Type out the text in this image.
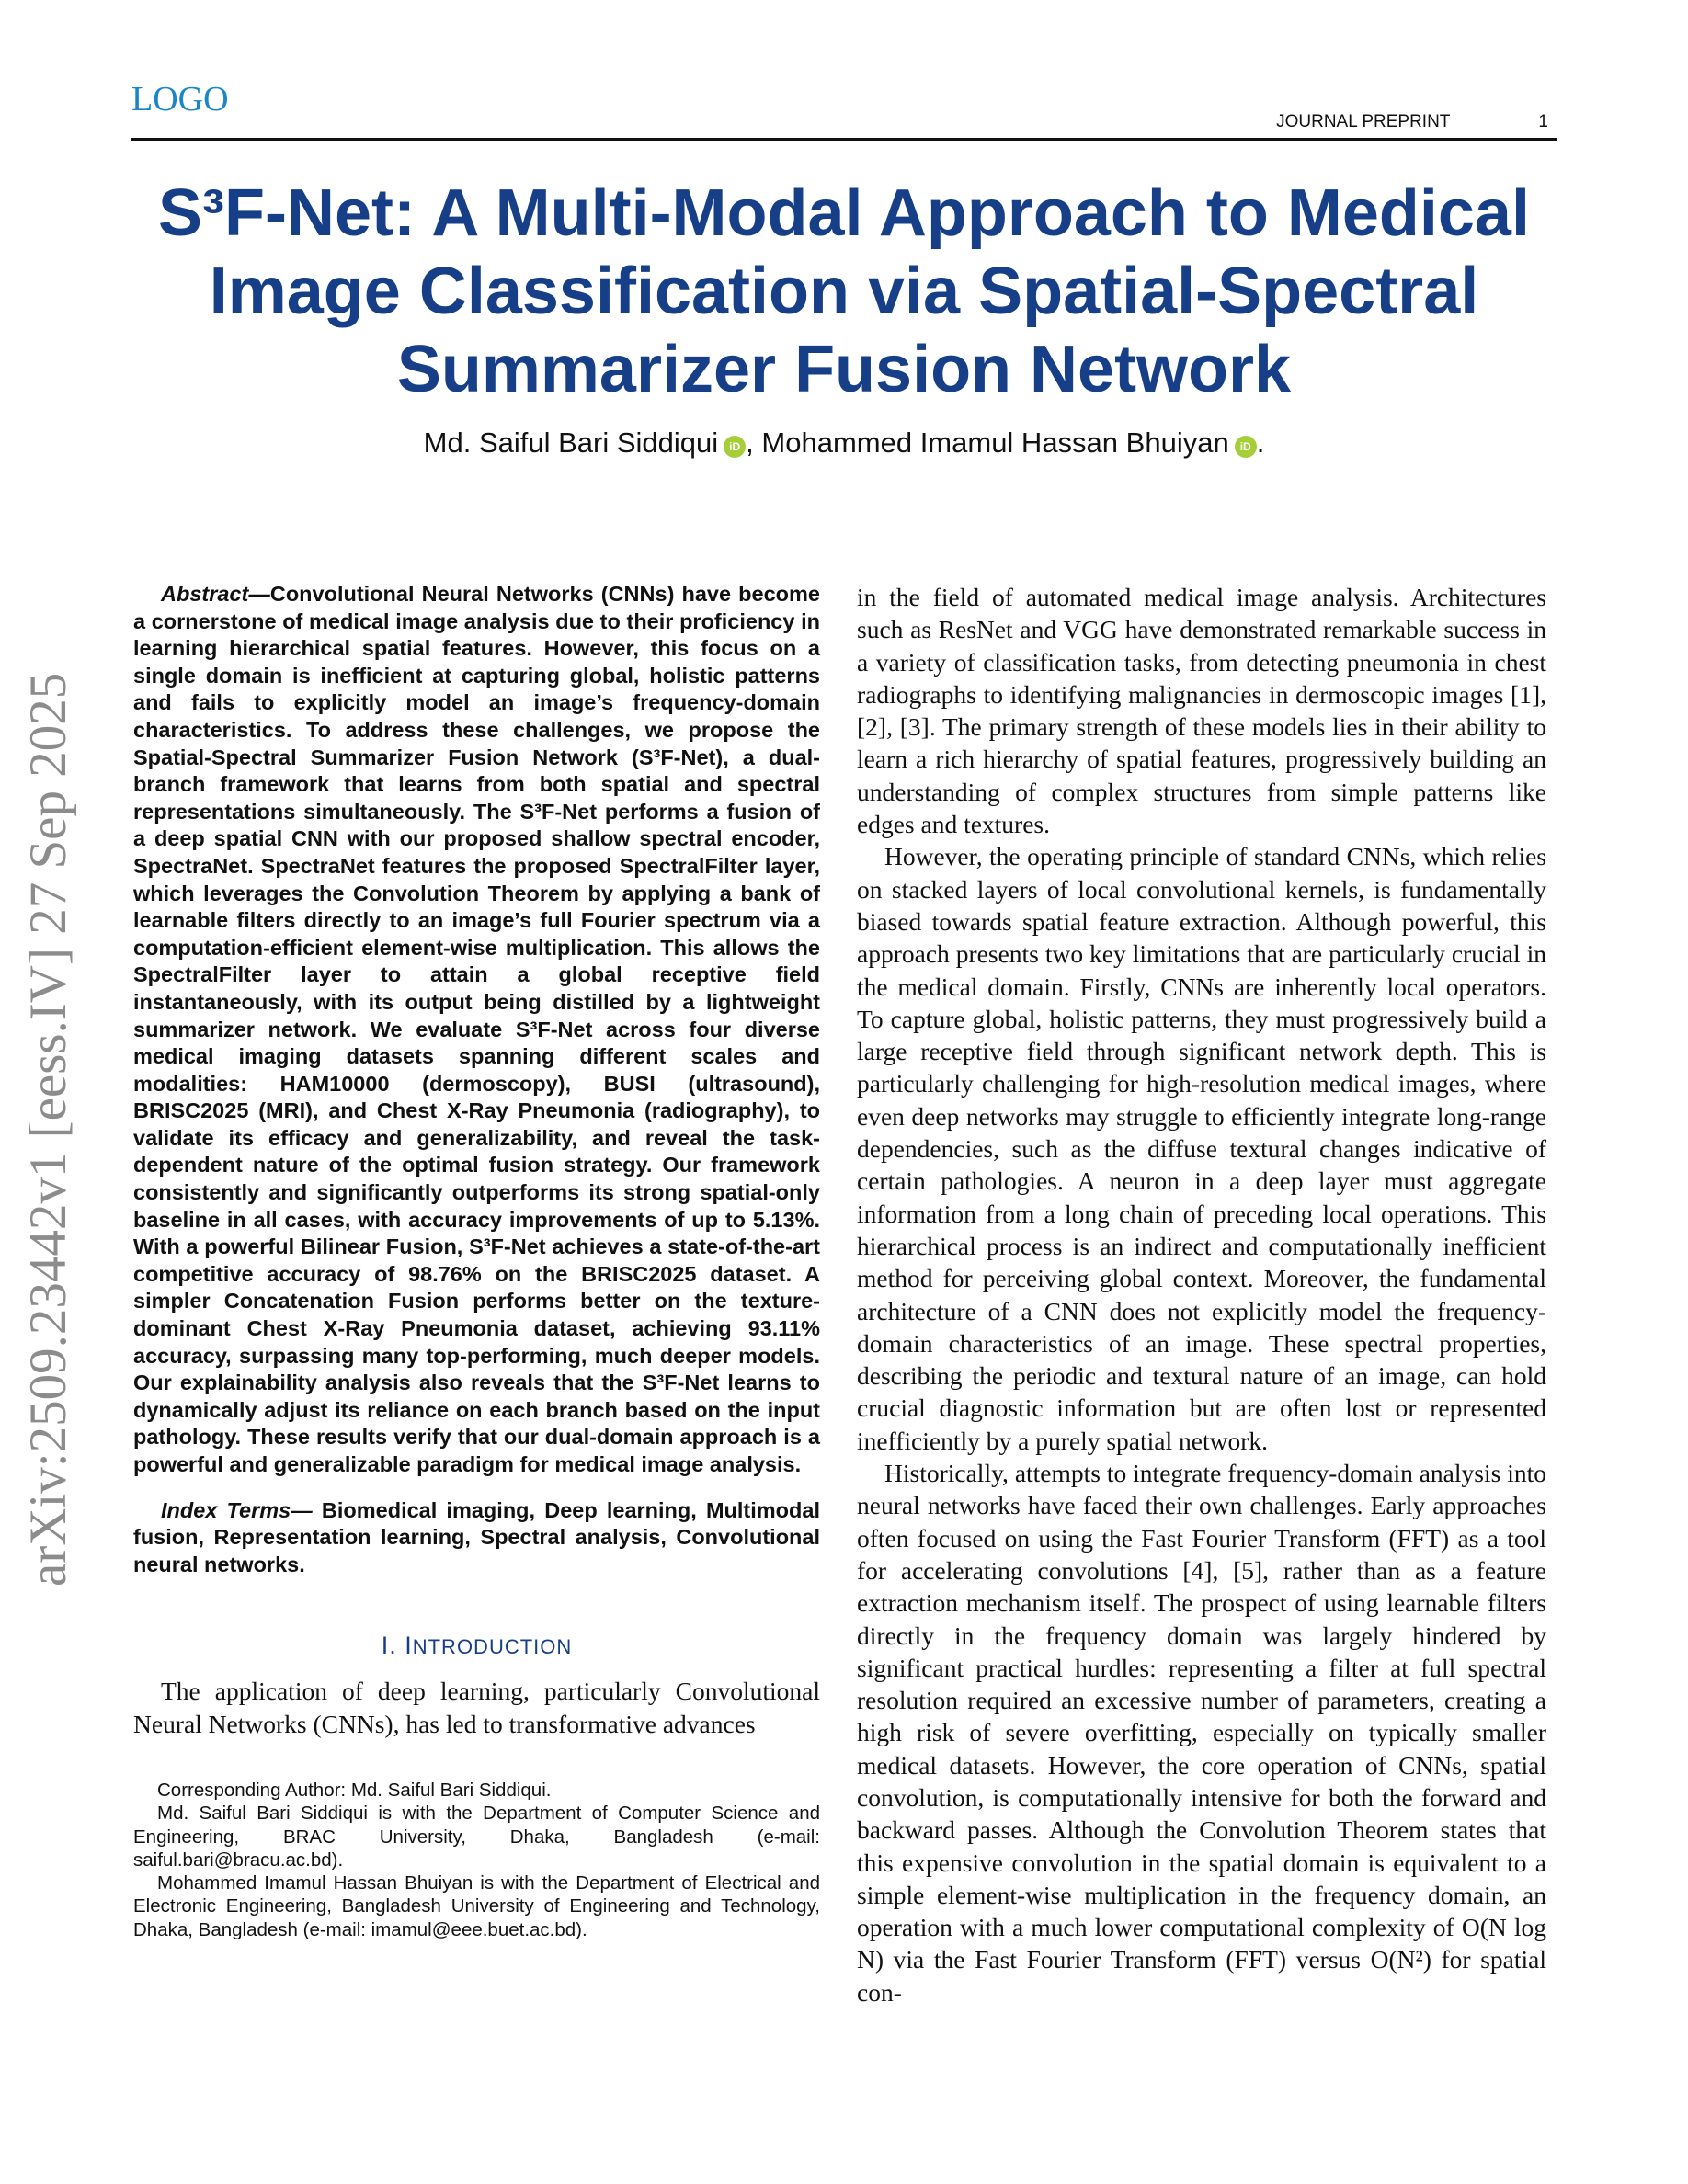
LOGO
JOURNAL PREPRINT	1
S³F-Net: A Multi-Modal Approach to Medical Image Classification via Spatial-Spectral Summarizer Fusion Network
Md. Saiful Bari Siddiqui iD , Mohammed Imamul Hassan Bhuiyan iD .
arXiv:2509.23442v1 [eess.IV] 27 Sep 2025

Abstract—Convolutional Neural Networks (CNNs) have become a cornerstone of medical image analysis due to their proficiency in learning hierarchical spatial features. However, this focus on a single domain is inefficient at capturing global, holistic patterns and fails to explicitly model an image’s frequency-domain characteristics. To address these challenges, we propose the Spatial-Spectral Summarizer Fusion Network (S³F-Net), a dual-branch framework that learns from both spatial and spectral representations simultaneously. The S³F-Net performs a fusion of a deep spatial CNN with our proposed shallow spectral encoder, SpectraNet. SpectraNet features the proposed SpectralFilter layer, which leverages the Convolution Theorem by applying a bank of learnable filters directly to an image’s full Fourier spectrum via a computation-efficient element-wise multiplication. This allows the SpectralFilter layer to attain a global receptive field instantaneously, with its output being distilled by a lightweight summarizer network. We evaluate S³F-Net across four diverse medical imaging datasets spanning different scales and modalities: HAM10000 (dermoscopy), BUSI (ultrasound), BRISC2025 (MRI), and Chest X-Ray Pneumonia (radiography), to validate its efficacy and generalizability, and reveal the task-dependent nature of the optimal fusion strategy. Our framework consistently and significantly outperforms its strong spatial-only baseline in all cases, with accuracy improvements of up to 5.13%. With a powerful Bilinear Fusion, S³F-Net achieves a state-of-the-art competitive accuracy of 98.76% on the BRISC2025 dataset. A simpler Concatenation Fusion performs better on the texture-dominant Chest X-Ray Pneumonia dataset, achieving 93.11% accuracy, surpassing many top-performing, much deeper models. Our explainability analysis also reveals that the S³F-Net learns to dynamically adjust its reliance on each branch based on the input pathology. These results verify that our dual-domain approach is a powerful and generalizable paradigm for medical image analysis.

Index Terms— Biomedical imaging, Deep learning, Multimodal fusion, Representation learning, Spectral analysis, Convolutional neural networks.

I. INTRODUCTION

The application of deep learning, particularly Convolutional Neural Networks (CNNs), has led to transformative advances

Corresponding Author: Md. Saiful Bari Siddiqui.

Md. Saiful Bari Siddiqui is with the Department of Computer Science and Engineering, BRAC University, Dhaka, Bangladesh (e-mail: saiful.bari@bracu.ac.bd).

Mohammed Imamul Hassan Bhuiyan is with the Department of Electrical and Electronic Engineering, Bangladesh University of Engineering and Technology, Dhaka, Bangladesh (e-mail: imamul@eee.buet.ac.bd).

in the field of automated medical image analysis. Architectures such as ResNet and VGG have demonstrated remarkable success in a variety of classification tasks, from detecting pneumonia in chest radiographs to identifying malignancies in dermoscopic images [1], [2], [3]. The primary strength of these models lies in their ability to learn a rich hierarchy of spatial features, progressively building an understanding of complex structures from simple patterns like edges and textures.

However, the operating principle of standard CNNs, which relies on stacked layers of local convolutional kernels, is fundamentally biased towards spatial feature extraction. Although powerful, this approach presents two key limitations that are particularly crucial in the medical domain. Firstly, CNNs are inherently local operators. To capture global, holistic patterns, they must progressively build a large receptive field through significant network depth. This is particularly challenging for high-resolution medical images, where even deep networks may struggle to efficiently integrate long-range dependencies, such as the diffuse textural changes indicative of certain pathologies. A neuron in a deep layer must aggregate information from a long chain of preceding local operations. This hierarchical process is an indirect and computationally inefficient method for perceiving global context. Moreover, the fundamental architecture of a CNN does not explicitly model the frequency-domain characteristics of an image. These spectral properties, describing the periodic and textural nature of an image, can hold crucial diagnostic information but are often lost or represented inefficiently by a purely spatial network.

Historically, attempts to integrate frequency-domain analysis into neural networks have faced their own challenges. Early approaches often focused on using the Fast Fourier Transform (FFT) as a tool for accelerating convolutions [4], [5], rather than as a feature extraction mechanism itself. The prospect of using learnable filters directly in the frequency domain was largely hindered by significant practical hurdles: representing a filter at full spectral resolution required an excessive number of parameters, creating a high risk of severe overfitting, especially on typically smaller medical datasets. However, the core operation of CNNs, spatial convolution, is computationally intensive for both the forward and backward passes. Although the Convolution Theorem states that this expensive convolution in the spatial domain is equivalent to a simple element-wise multiplication in the frequency domain, an operation with a much lower computational complexity of O(N log N) via the Fast Fourier Transform (FFT) versus O(N²) for spatial con-
